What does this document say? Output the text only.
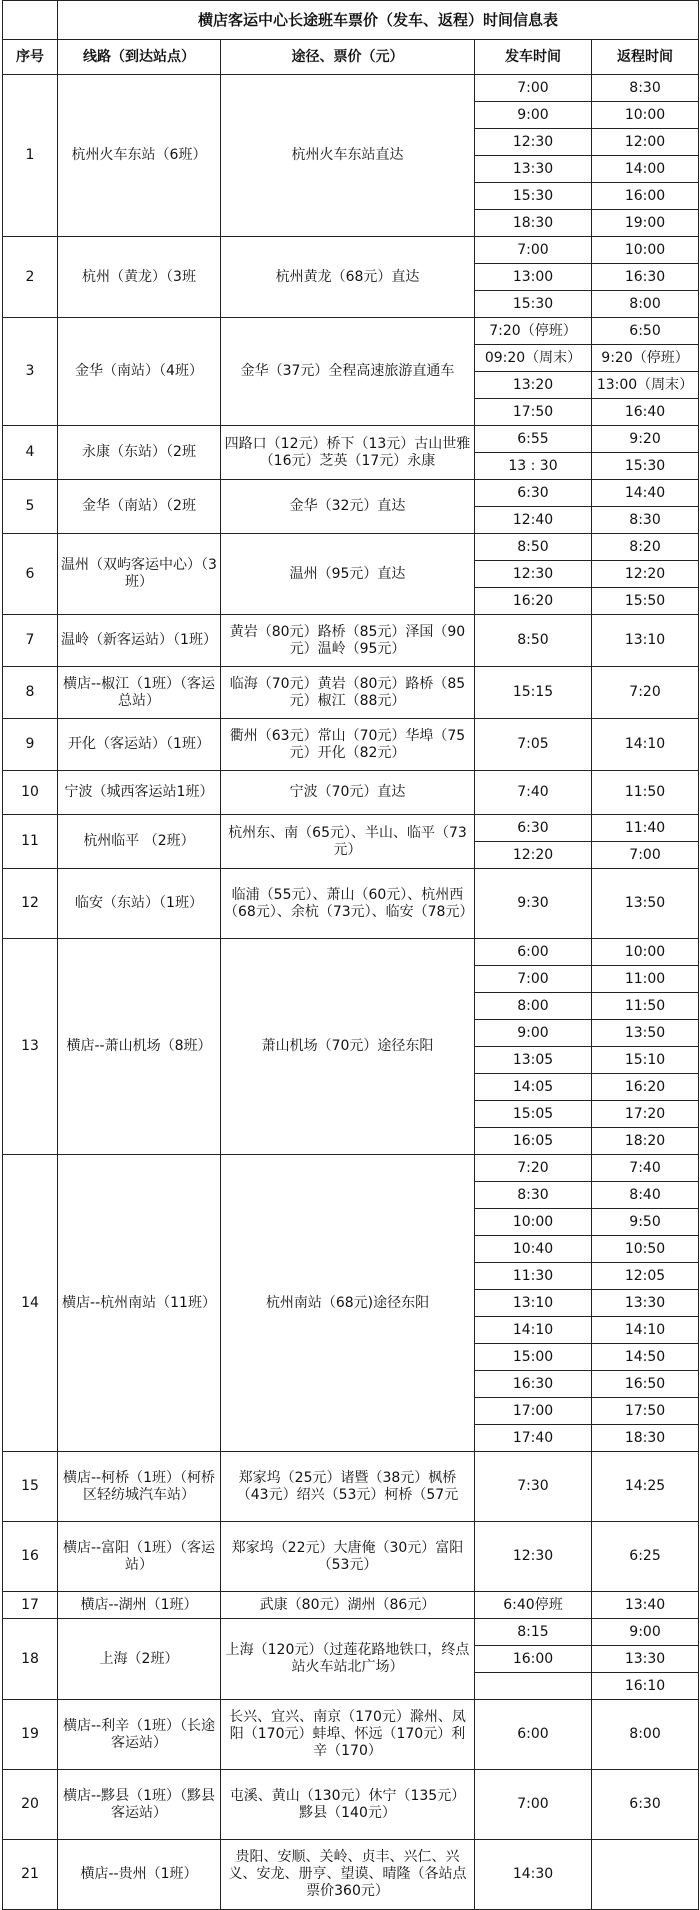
	横店客运中心长途班车票价（发车、返程）时间信息表			
序号	线路（到达站点）	途径、票价（元）	发车时间	返程时间
1	杭州火车东站（6班）	杭州火车东站直达	7:00	8:30
			9:00	10:00
			12:30	12:00
			13:30	14:00
			15:30	16:00
			18:30	19:00
2	杭州（黄龙）（3班	杭州黄龙（68元）直达	7:00	10:00
			13:00	16:30
			15:30	8:00
3	金华（南站）（4班）	金华（37元）全程高速旅游直通车	7:20（停班）	6:50
			09:20（周末）	9:20（停班）
			13:20	13:00（周末）
			17:50	16:40
4	永康（东站）（2班	四路口（12元）桥下（13元）古山世雅（16元）芝英（17元）永康	6:55	9:20
			13 : 30	15:30
5	金华（南站）（2班	金华（32元）直达	6:30	14:40
			12:40	8:30
6	温州（双屿客运中心）（3班）	温州（95元）直达	8:50	8:20
			12:30	12:20
			16:20	15:50
7	温岭（新客运站）（1班）	黄岩（80元）路桥（85元）泽国（90元）温岭（95元）	8:50	13:10
8	横店--椒江（1班）（客运总站）	临海（70元）黄岩（80元）路桥（85元）椒江（88元）	15:15	7:20
9	开化（客运站）（1班）	衢州（63元）常山（70元）华埠（75元）开化（82元）	7:05	14:10
10	宁波（城西客运站1班）	宁波（70元）直达	7:40	11:50
11	杭州临平 （2班）	杭州东、南（65元）、半山、临平（73元）	6:30	11:40
			12:20	7:00
12	临安（东站）（1班）	临浦（55元）、萧山（60元）、杭州西（68元）、余杭（73元）、临安（78元）	9:30	13:50
13	横店--萧山机场（8班）	萧山机场（70元）途径东阳	6:00	10:00
			7:00	11:00
			8:00	11:50
			9:00	13:50
			13:05	15:10
			14:05	16:20
			15:05	17:20
			16:05	18:20
14	横店--杭州南站（11班）	杭州南站（68元)途径东阳	7:20	7:40
			8:30	8:40
			10:00	9:50
			10:40	10:50
			11:30	12:05
			13:10	13:30
			14:10	14:10
			15:00	14:50
			16:30	16:50
			17:00	17:50
			17:40	18:30
15	横店--柯桥（1班）（柯桥区轻纺城汽车站）	郑家坞（25元）诸暨（38元）枫桥（43元）绍兴（53元）柯桥（57元	7:30	14:25
16	横店--富阳（1班）（客运站）	郑家坞（22元）大唐俺（30元）富阳（53元）	12:30	6:25
17	横店--湖州（1班）	武康（80元）湖州（86元）	6:40停班	13:40
18	上海（2班）	上海（120元）（过莲花路地铁口，终点站火车站北广场）	8:15	9:00
			16:00	13:30
				16:10
19	横店--利辛（1班）（长途客运站）	长兴、宜兴、南京（170元）滁州、凤阳（170元）蚌埠、怀远（170元）利辛（170）	6:00	8:00
20	横店--黟县（1班）（黟县客运站）	屯溪、黄山（130元）休宁（135元）黟县（140元）	7:00	6:30
21	横店--贵州（1班）	贵阳、安顺、关岭、贞丰、兴仁、兴义、安龙、册亨、望谟、晴隆（各站点票价360元）	14:30	
